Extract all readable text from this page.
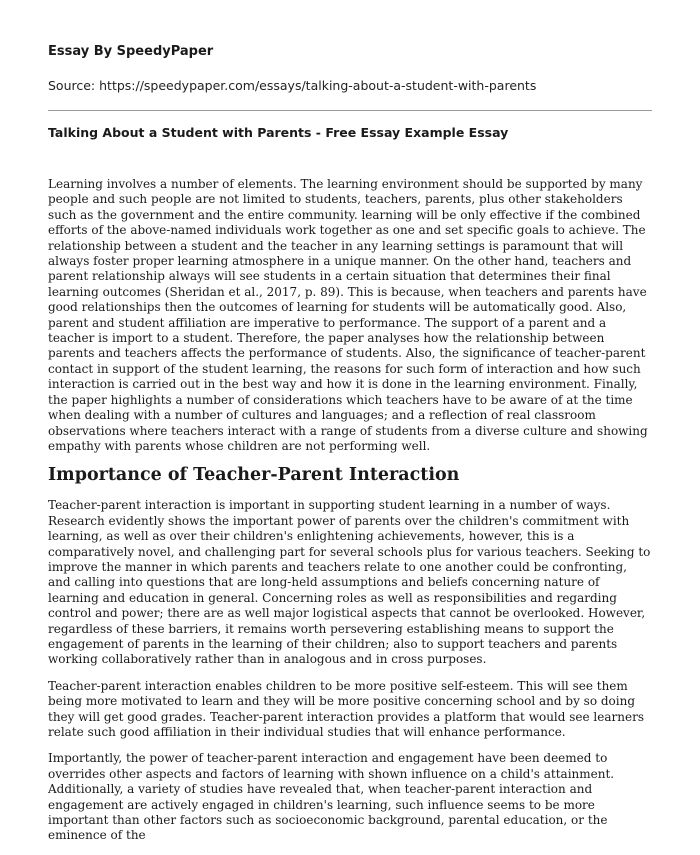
Essay By SpeedyPaper
Source: https://speedypaper.com/essays/talking-about-a-student-with-parents
Talking About a Student with Parents - Free Essay Example Essay

Learning involves a number of elements. The learning environment should be supported by many people and such people are not limited to students, teachers, parents, plus other stakeholders such as the government and the entire community. learning will be only effective if the combined efforts of the above-named individuals work together as one and set specific goals to achieve. The relationship between a student and the teacher in any learning settings is paramount that will always foster proper learning atmosphere in a unique manner. On the other hand, teachers and parent relationship always will see students in a certain situation that determines their final learning outcomes (Sheridan et al., 2017, p. 89). This is because, when teachers and parents have good relationships then the outcomes of learning for students will be automatically good. Also, parent and student affiliation are imperative to performance. The support of a parent and a teacher is import to a student. Therefore, the paper analyses how the relationship between parents and teachers affects the performance of students. Also, the significance of teacher-parent contact in support of the student learning, the reasons for such form of interaction and how such interaction is carried out in the best way and how it is done in the learning environment. Finally, the paper highlights a number of considerations which teachers have to be aware of at the time when dealing with a number of cultures and languages; and a reflection of real classroom observations where teachers interact with a range of students from a diverse culture and showing empathy with parents whose children are not performing well.

Importance of Teacher-Parent Interaction

Teacher-parent interaction is important in supporting student learning in a number of ways. Research evidently shows the important power of parents over the children's commitment with learning, as well as over their children's enlightening achievements, however, this is a comparatively novel, and challenging part for several schools plus for various teachers. Seeking to improve the manner in which parents and teachers relate to one another could be confronting, and calling into questions that are long-held assumptions and beliefs concerning nature of learning and education in general. Concerning roles as well as responsibilities and regarding control and power; there are as well major logistical aspects that cannot be overlooked. However, regardless of these barriers, it remains worth persevering establishing means to support the engagement of parents in the learning of their children; also to support teachers and parents working collaboratively rather than in analogous and in cross purposes.

Teacher-parent interaction enables children to be more positive self-esteem. This will see them being more motivated to learn and they will be more positive concerning school and by so doing they will get good grades. Teacher-parent interaction provides a platform that would see learners relate such good affiliation in their individual studies that will enhance performance.

Importantly, the power of teacher-parent interaction and engagement have been deemed to overrides other aspects and factors of learning with shown influence on a child's attainment. Additionally, a variety of studies have revealed that, when teacher-parent interaction and engagement are actively engaged in children's learning, such influence seems to be more important than other factors such as socioeconomic background, parental education, or the eminence of the
